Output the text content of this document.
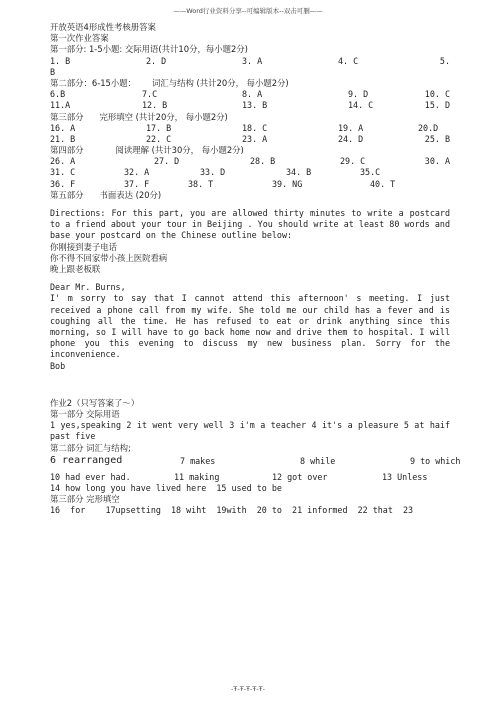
——Word行业资料分享--可编辑版本--双击可删——
开放英语4形成性考核册答案
第一次作业答案
第一部分: 1-5小题: 交际用语(共计10分，每小题2分)
1. B	2. D	3. A	4. C	5.
B
第二部分：6-15小题：      词汇与结构 (共计20分， 每小题2分)
6.B	7.C	8. A	9. D	10. C
11.A	12. B	13. B	14. C	15. D
第三部分      完形填空 (共计20分， 每小题2分)
16. A	17. B	18. C	19. A	20.D
21. B	22. C	23. A	24. D	25. B
第四部分            阅读理解 (共计30分， 每小题2分)
26. A	27. D	28. B	29. C	30. A
31. C	32. A	33. D	34. B	35.C
36. F	37. F	38. T	39. NG	40. T
第五部分      书面表达 (20分)
Directions: For this part, you are allowed thirty minutes to write a postcard to a friend about your tour in Beijing . You should write at least 80 words and base your postcard on the Chinese outline below:
你刚接到妻子电话
你不得不回家带小孩上医院看病
晚上跟老板联
Dear Mr. Burns,
I' m sorry to say that I cannot attend this afternoon' s meeting. I just received a phone call from my wife. She told me our child has a fever and is coughing all the time. He has refused to eat or drink anything since this morning, so I will have to go back home now and drive them to hospital. I will phone you this evening to discuss my new business plan. Sorry for the inconvenience.
Bob
作业2（只写答案了～）
第一部分 交际用语
1 yes,speaking 2 it went very well 3 i'm a teacher 4 it's a pleasure 5 at haif past five
第二部分 词汇与结构;
6 rearranged	7 makes	8 while	9 to which
10 had ever had.	11 making	12 got over	13 Unless
14 how long you have lived here  15 used to be
第三部分 完形填空
16  for    17upsetting  18 wiht  19with  20 to  21 informed  22 that  23
-Ŧ-Ŧ-Ŧ-Ŧ-Ŧ-
